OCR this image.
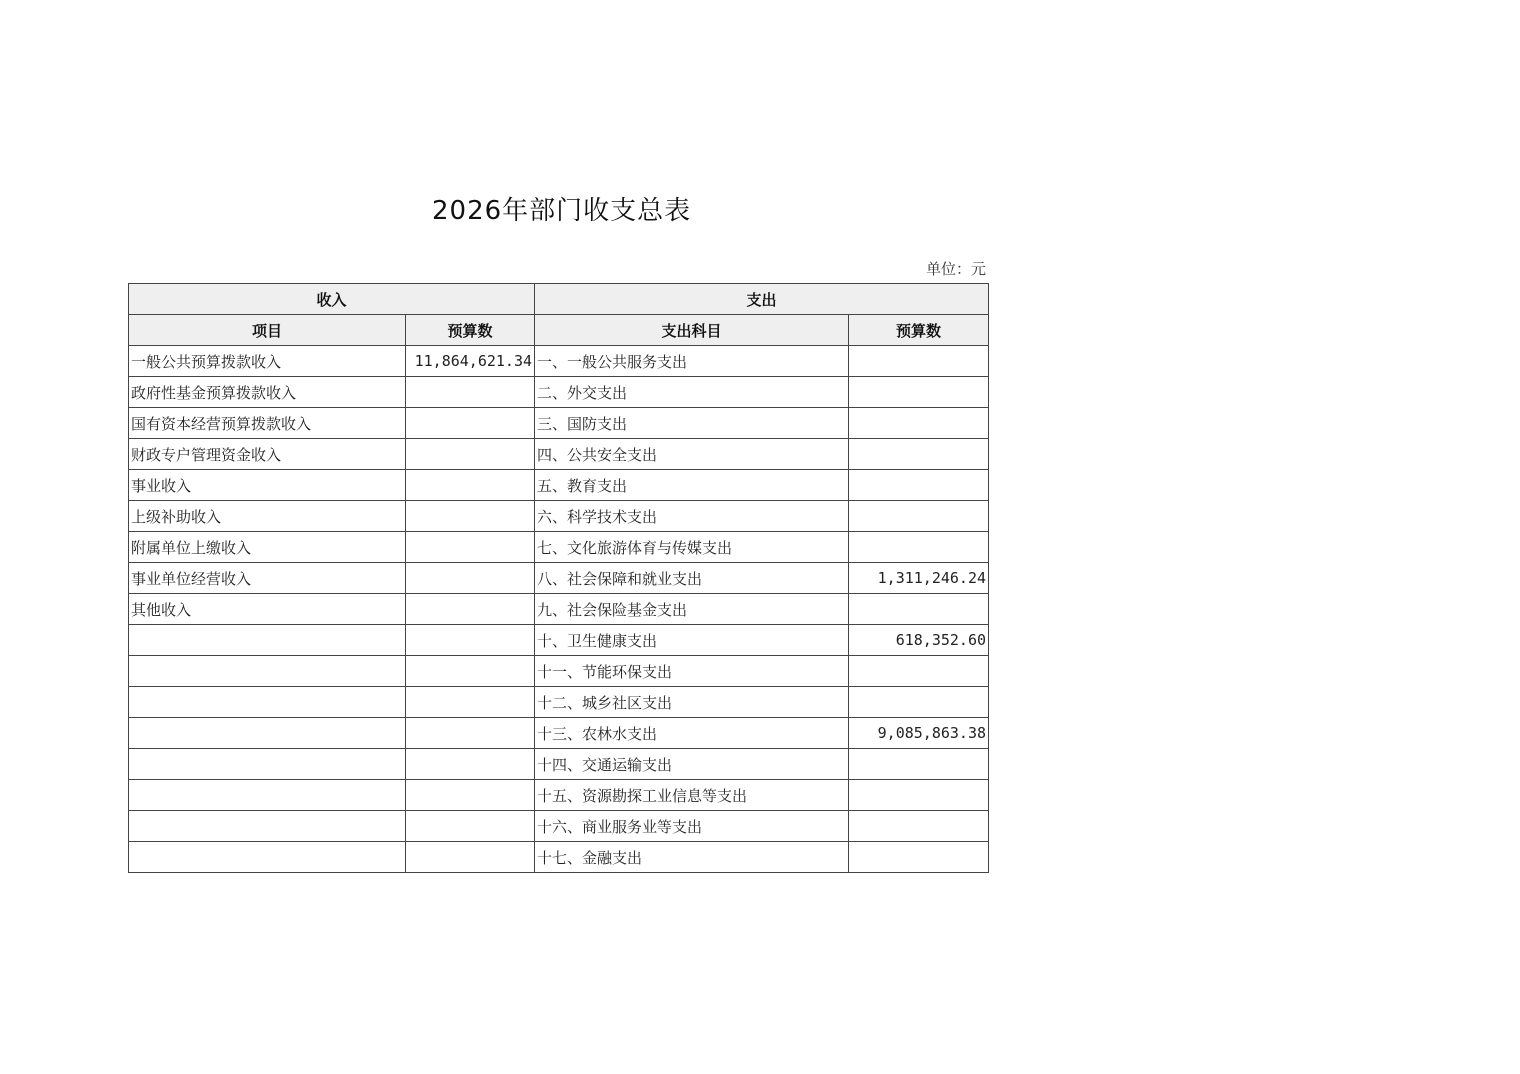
2026年部门收支总表
单位：元
收入		支出	
项目	预算数	支出科目	预算数
一般公共预算拨款收入	11,864,621.34	一、一般公共服务支出	
政府性基金预算拨款收入		二、外交支出	
国有资本经营预算拨款收入		三、国防支出	
财政专户管理资金收入		四、公共安全支出	
事业收入		五、教育支出	
上级补助收入		六、科学技术支出	
附属单位上缴收入		七、文化旅游体育与传媒支出	
事业单位经营收入		八、社会保障和就业支出	1,311,246.24
其他收入		九、社会保险基金支出	
		十、卫生健康支出	618,352.60
		十一、节能环保支出	
		十二、城乡社区支出	
		十三、农林水支出	9,085,863.38
		十四、交通运输支出	
		十五、资源勘探工业信息等支出	
		十六、商业服务业等支出	
		十七、金融支出	
